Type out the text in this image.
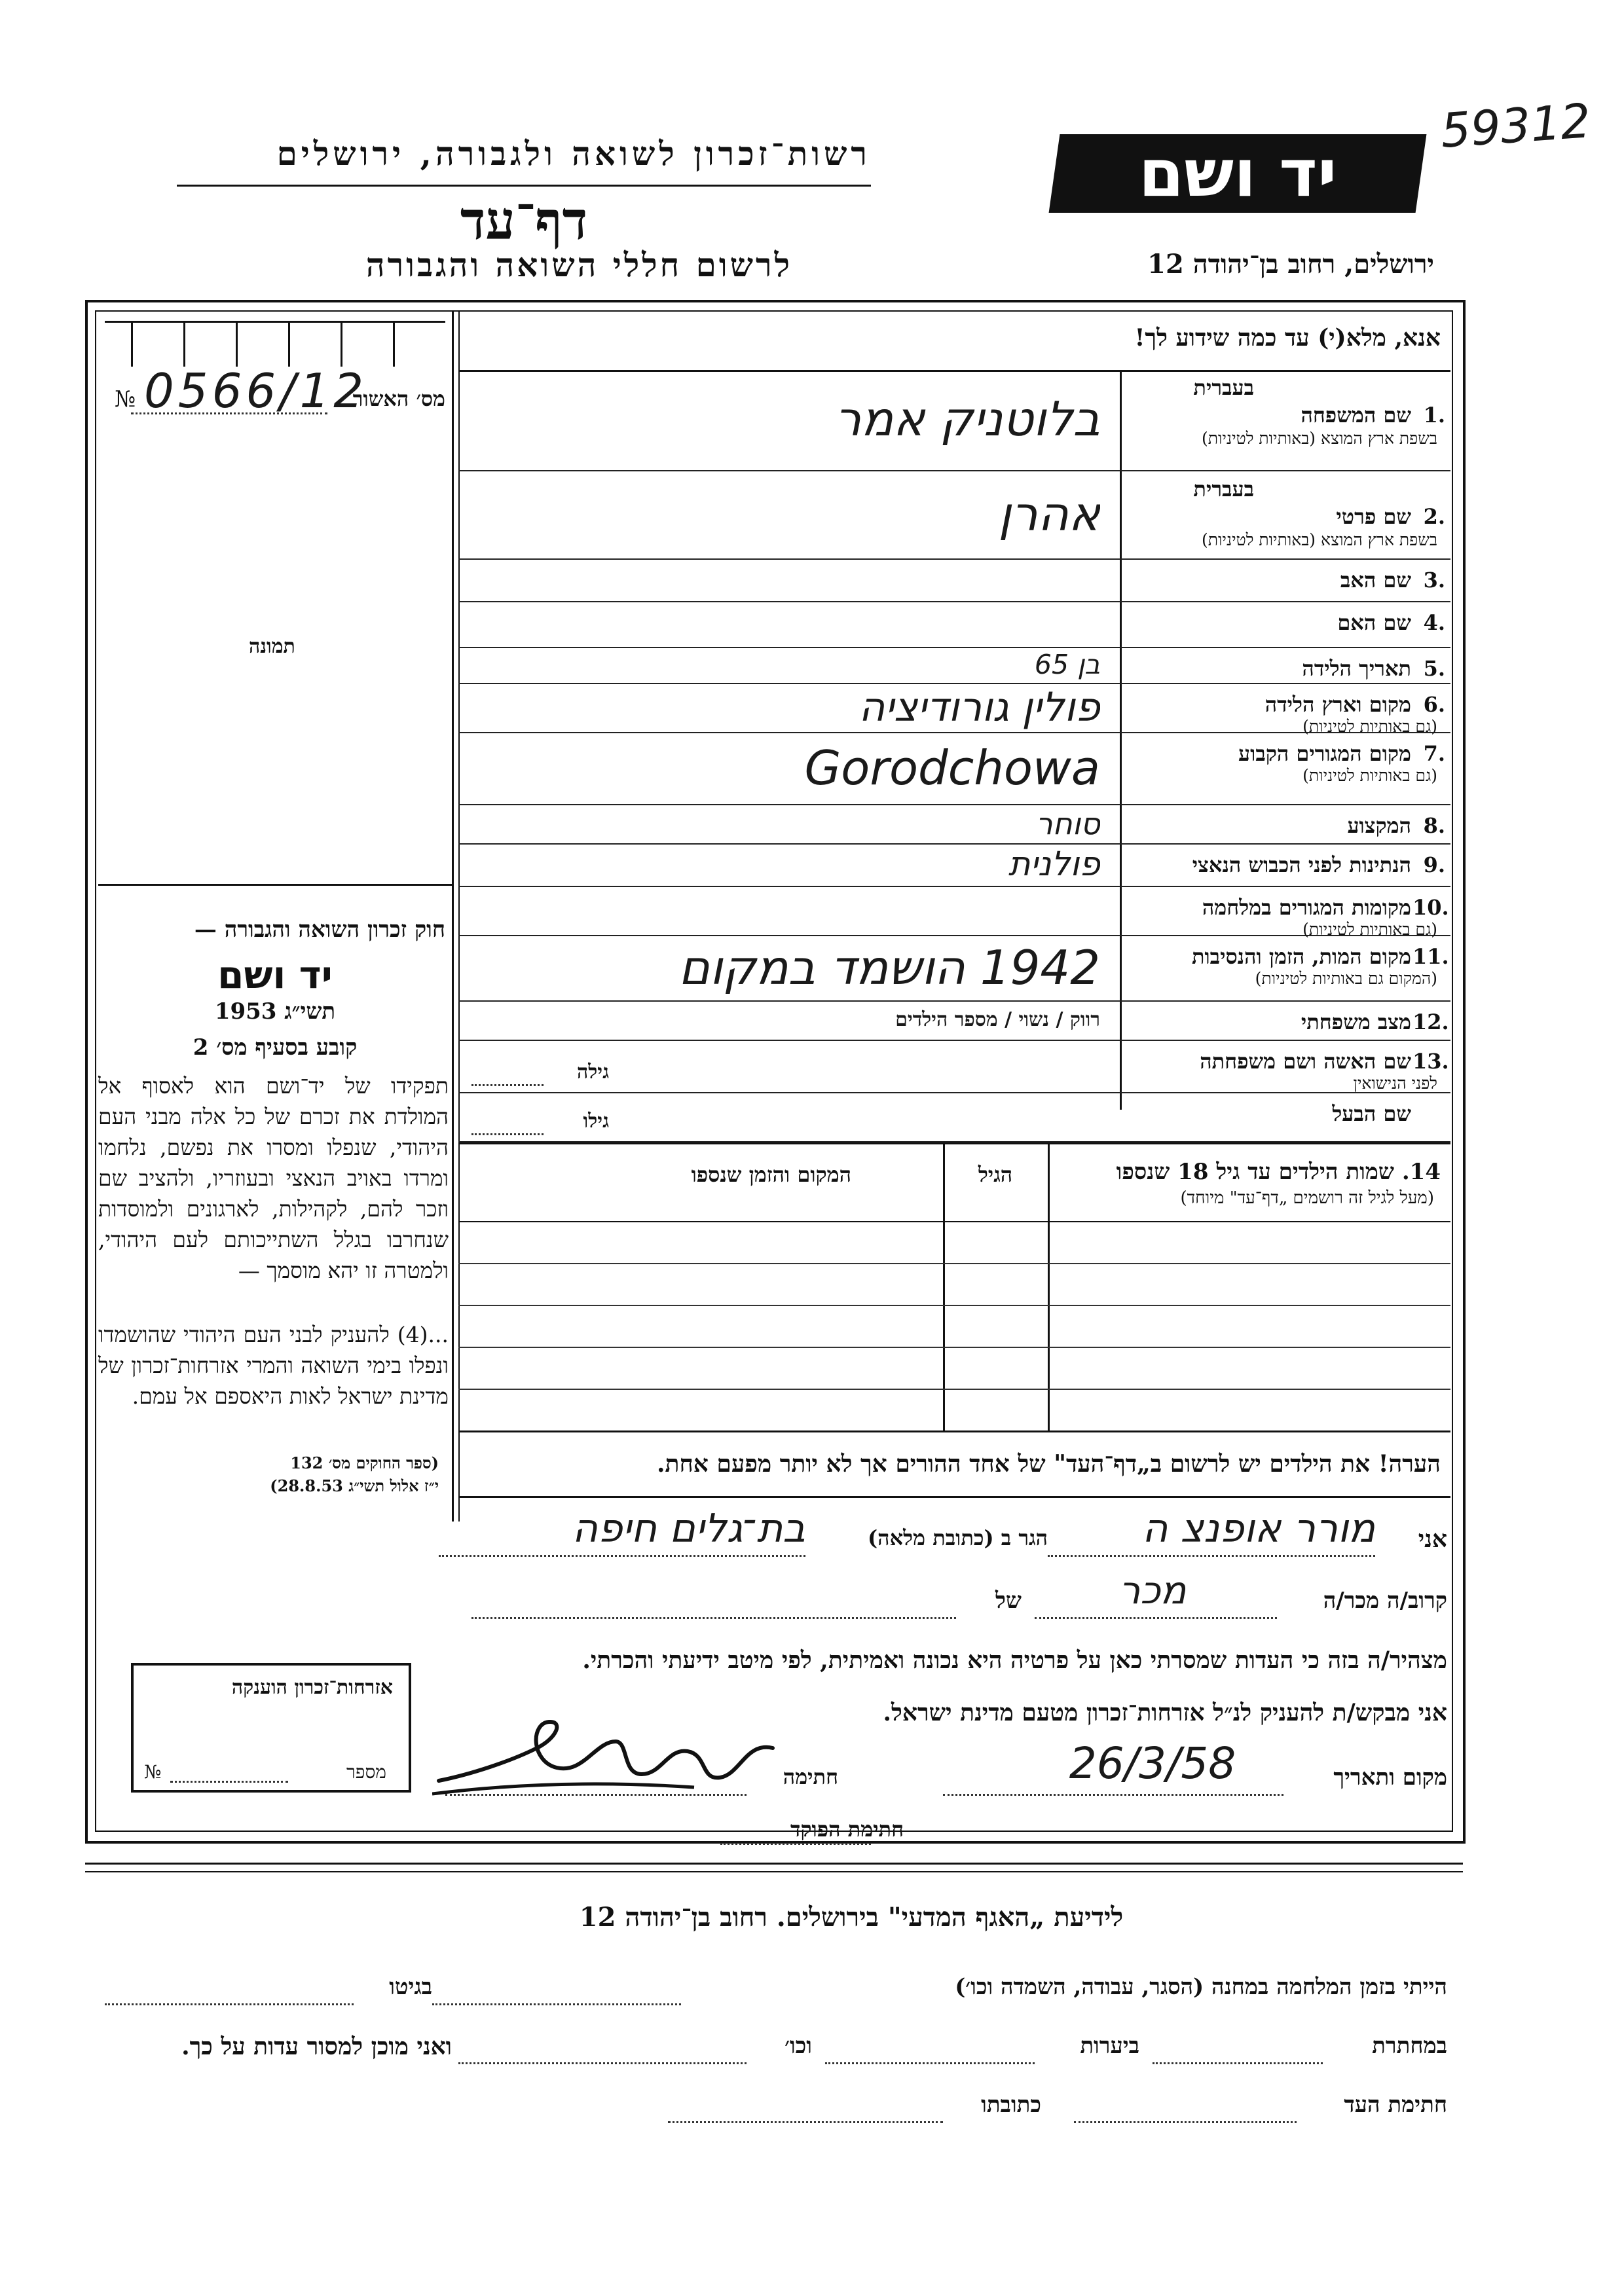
59312
רשות־זכרון לשואה ולגבורה, ירושלים
דף־עד
לרשום חללי השואה והגבורה
יד ושם
ירושלים, רחוב בן־יהודה 12
№ 0566/12
מס׳ האשור
תמונה
חוק זכרון השואה והגבורה —
יד ושם
תשי״ג 1953
קובע בסעיף מס׳ 2
תפקידו של יד־ושם הוא לאסוף אל המולדת את זכרם של כל אלה מבני העם היהודי, שנפלו ומסרו את נפשם, נלחמו ומרדו באויב הנאצי ובעוזריו, ולהציב שם וזכר להם, לקהילות, לארגונים ולמוסדות שנחרבו בגלל השתייכותם לעם היהודי, ולמטרה זו יהא מוסמך —
...(4) להעניק לבני העם היהודי שהושמדו ונפלו בימי השואה והמרי אזרחות־זכרון של מדינת ישראל לאות היאספם אל עמם.
(ספר החוקים מס׳ 132
י״ז אלול תשי״ג 28.8.53)
אזרחות־זכרון הוענקה
מספר
№
אנא, מלא(י) עד כמה שידוע לך!
שם המשפחה 1.
בעברית
בשפת ארץ המוצא (באותיות לטיניות)
בלוטניק אמר
שם פרטי 2.
בעברית
בשפת ארץ המוצא (באותיות לטיניות)
אהרן
שם האב 3.
שם האם 4.
תאריך הלידה 5.
בן 65
מקום וארץ הלידה 6.
(גם באותיות לטיניות)
פולין גורודיציה
מקום המגורים הקבוע 7.
(גם באותיות לטיניות)
Gorodchowa
המקצוע 8.
סוחר
הנתינות לפני הכבוש הנאצי 9.
פולנית
מקומות המגורים במלחמה 10.
(גם באותיות לטיניות)
מקום המות, הזמן והנסיבות 11.
(המקום גם באותיות לטיניות)
1942 הושמד במקום
מצב משפחתי 12.
רווק / נשוי / מספר הילדים
שם האשה ושם משפחתה 13.
לפני הנישואין
שם הבעל
גילה
גילו
14. שמות הילדים עד גיל 18 שנספו
(מעל לגיל זה רושמים „דף־עד" מיוחד)
הגיל
המקום והזמן שנספו
הערה! את הילדים יש לרשום ב„דף־העד" של אחד ההורים אך לא יותר מפעם אחת.
אני
מורר אופנצ ה
הגר ב (כתובת מלאה)
בת־גלים חיפה
קרוב/ה מכר/ה
מכר
של
מצהיר/ה בזה כי העדות שמסרתי כאן על פרטיה היא נכונה ואמיתית, לפי מיטב ידיעתי והכרתי.
אני מבקש/ת להעניק לנ״ל אזרחות־זכרון מטעם מדינת ישראל.
מקום ותאריך
26/3/58
חתימה
חתימת הפוקד
לידיעת „האגף המדעי" בירושלים. רחוב בן־יהודה 12
הייתי בזמן המלחמה במחנה (הסגר, עבודה, השמדה וכו׳)
בגיטו
במחתרת
ביערות
וכו׳
ואני מוכן למסור עדות על כך.
חתימת העד
כתובתו
